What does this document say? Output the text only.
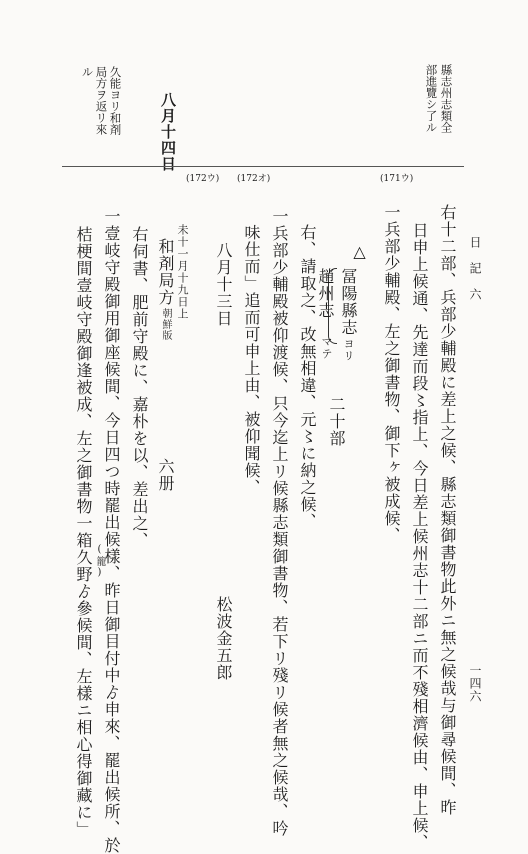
日　記　六
一四六
縣志州志類全
部進覽シ了ル
八月十四日
久能ヨリ和剤
局方ヲ返リ來
ル
(171ウ)
(172オ)
(172ウ)
右十二部、兵部少輔殿に差上之候、縣志類御書物此外ニ無之候哉与御尋候間、昨
日申上候通、先達而段〻指上、今日差上候州志十二部ニ而不殘相濟候由、申上候、
一兵部少輔殿、左之御書物、御下ヶ被成候、
△
冨陽縣志
ヨリ
趙州志
マテ
二十部
右、請取之、改無相違、元〻に納之候、
一兵部少輔殿被仰渡候、只今迄上リ候縣志類御書物、若下リ殘リ候者無之候哉、吟
味仕而」追而可申上由、被仰聞候、
八月十三日
松波金五郎
未十一月十九日上
和剤局方
朝鮮版
六册
右伺書、肥前守殿に、嘉朴を以、差出之、
一壹岐守殿御用御座候間、今日四つ時罷出候樣、昨日御目付中ゟ申來、罷出候所、於
(籠)
桔梗間壹岐守殿御逢被成、左之御書物一箱久野ゟ參候間、左樣ニ相心得御藏に」
